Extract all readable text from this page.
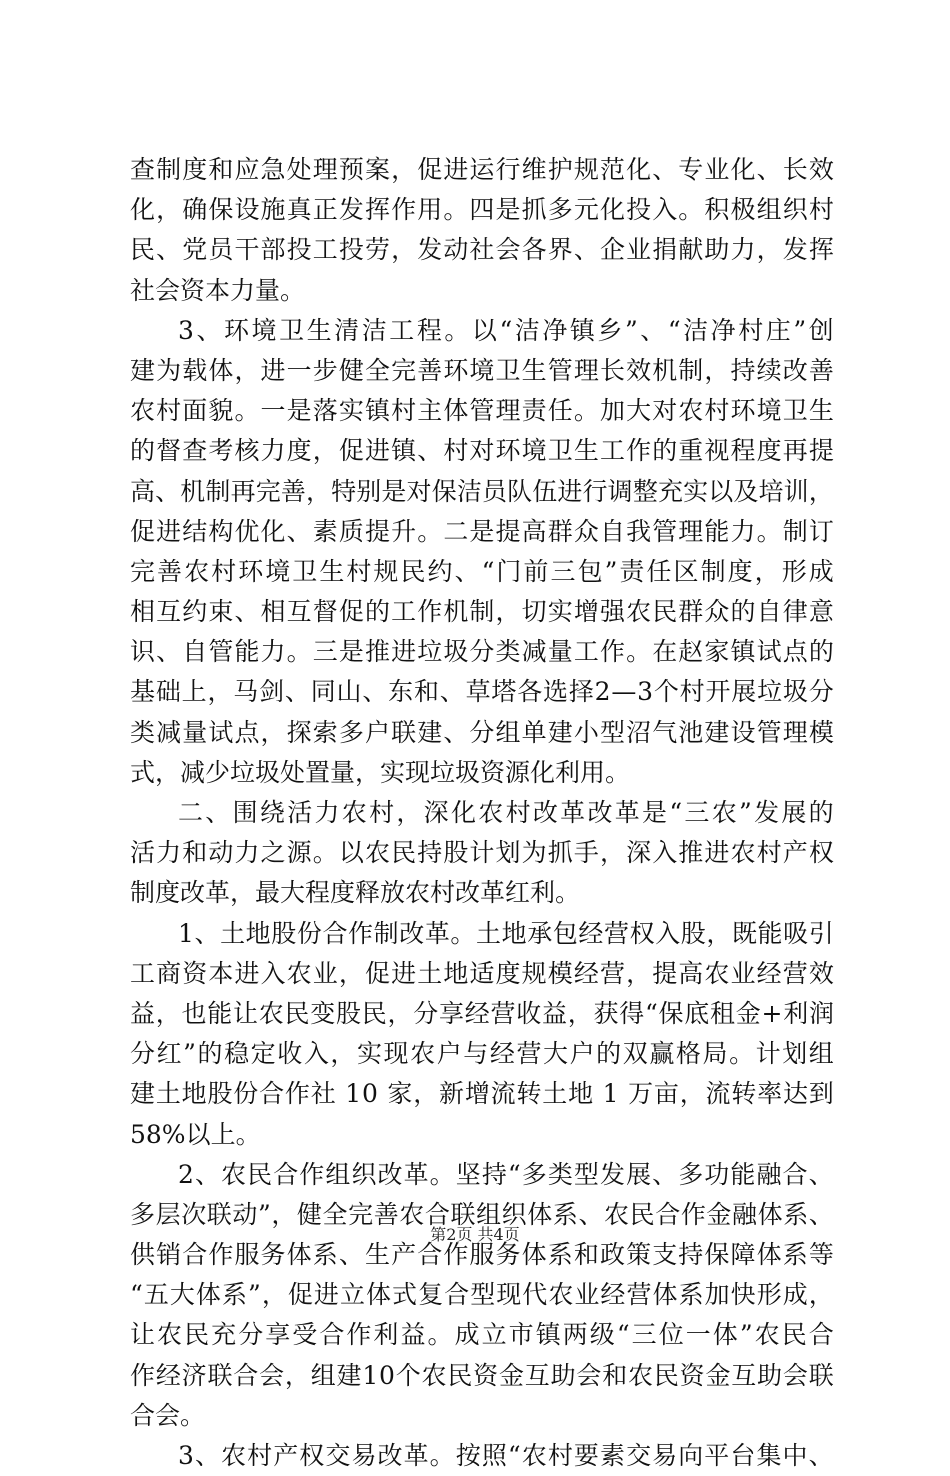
查 制 度 和 应 急 处 理 预 案 ， 促 进 运 行 维 护 规 范 化 、 专 业 化 、 长 效
化 ， 确 保 设 施 真 正 发 挥 作 用 。 四 是 抓 多 元 化 投 入 。 积 极 组 织 村
民 、 党 员 干 部 投 工 投 劳 ， 发 动 社 会 各 界 、 企 业 捐 献 助 力 ， 发 挥
社会资本力量。
3 、 环 境 卫 生 清 洁 工 程 。 以 “ 洁 净 镇 乡 ” 、 “ 洁 净 村 庄 ” 创
建 为 载 体 ， 进 一 步 健 全 完 善 环 境 卫 生 管 理 长 效 机 制 ， 持 续 改 善
农 村 面 貌 。 一 是 落 实 镇 村 主 体 管 理 责 任 。 加 大 对 农 村 环 境 卫 生
的 督 查 考 核 力 度 ， 促 进 镇 、 村 对 环 境 卫 生 工 作 的 重 视 程 度 再 提
高 、 机 制 再 完 善 ， 特 别 是 对 保 洁 员 队 伍 进 行 调 整 充 实 以 及 培 训 ，
促 进 结 构 优 化 、 素 质 提 升 。 二 是 提 高 群 众 自 我 管 理 能 力 。 制 订
完 善 农 村 环 境 卫 生 村 规 民 约 、 “ 门 前 三 包 ” 责 任 区 制 度 ， 形 成
相 互 约 束 、 相 互 督 促 的 工 作 机 制 ， 切 实 增 强 农 民 群 众 的 自 律 意
识 、 自 管 能 力 。 三 是 推 进 垃 圾 分 类 减 量 工 作 。 在 赵 家 镇 试 点 的
基 础 上 ， 马 剑 、 同 山 、 东 和 、 草 塔 各 选 择 2 — 3 个 村 开 展 垃 圾 分
类 减 量 试 点 ， 探 索 多 户 联 建 、 分 组 单 建 小 型 沼 气 池 建 设 管 理 模
式，减少垃圾处置量，实现垃圾资源化利用。
二 、 围 绕 活 力 农 村 ， 深 化 农 村 改 革 改 革 是 “ 三 农 ” 发 展 的
活 力 和 动 力 之 源 。 以 农 民 持 股 计 划 为 抓 手 ， 深 入 推 进 农 村 产 权
制度改革，最大程度释放农村改革红利。
1 、 土 地 股 份 合 作 制 改 革 。 土 地 承 包 经 营 权 入 股 ， 既 能 吸 引
工 商 资 本 进 入 农 业 ， 促 进 土 地 适 度 规 模 经 营 ， 提 高 农 业 经 营 效
益 ， 也 能 让 农 民 变 股 民 ， 分 享 经 营 收 益 ， 获 得 “ 保 底 租 金 + 利 润
分 红 ” 的 稳 定 收 入 ， 实 现 农 户 与 经 营 大 户 的 双 赢 格 局 。 计 划 组
建 土 地 股 份 合 作 社
1 0
家 ， 新 增 流 转 土 地
1
万 亩 ， 流 转 率 达 到
58%以上。
2 、 农 民 合 作 组 织 改 革 。 坚 持 “ 多 类 型 发 展 、 多 功 能 融 合 、
多 层 次 联 动 ” ， 健 全 完 善 农 合 联 组 织 体 系 、 农 民 合 作 金 融 体 系 、
供 销 合 作 服 务 体 系 、 生 产 合 作 服 务 体 系 和 政 策 支 持 保 障 体 系 等
“ 五 大 体 系 ” ， 促 进 立 体 式 复 合 型 现 代 农 业 经 营 体 系 加 快 形 成 ，
让 农 民 充 分 享 受 合 作 利 益 。 成 立 市 镇 两 级 “ 三 位 一 体 ” 农 民 合
作 经 济 联 合 会 ， 组 建 1 0 个 农 民 资 金 互 助 会 和 农 民 资 金 互 助 会 联
合会。
3 、 农 村 产 权 交 易 改 革 。 按 照 “ 农 村 要 素 交 易 向 平 台 集 中 、
第2页 共4页
